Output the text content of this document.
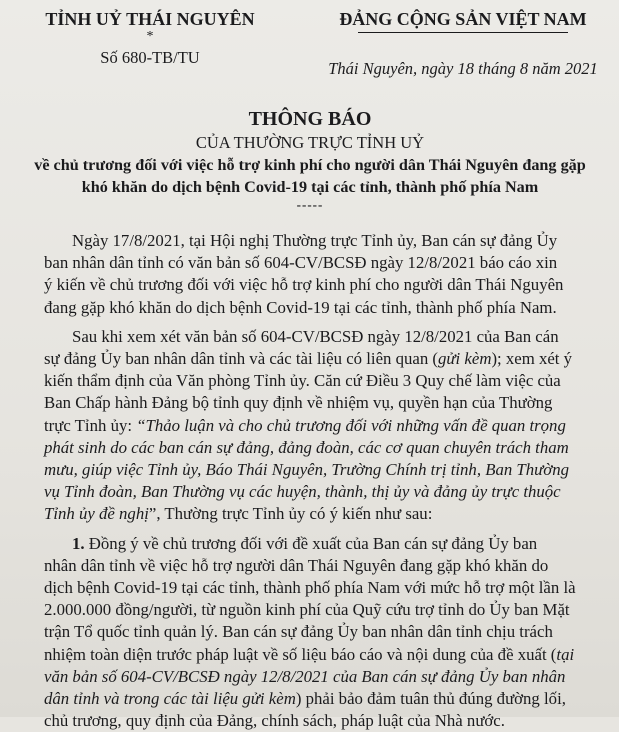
TỈNH UỶ THÁI NGUYÊN
*
Số 680-TB/TU
ĐẢNG CỘNG SẢN VIỆT NAM
Thái Nguyên, ngày 18 tháng 8 năm 2021
THÔNG BÁO
CỦA THƯỜNG TRỰC TỈNH UỶ
về chủ trương đối với việc hỗ trợ kinh phí cho người dân Thái Nguyên đang gặp
khó khăn do dịch bệnh Covid-19 tại các tỉnh, thành phố phía Nam
-----

Ngày 17/8/2021, tại Hội nghị Thường trực Tỉnh ủy, Ban cán sự đảng Ủy
ban nhân dân tỉnh có văn bản số 604-CV/BCSĐ ngày 12/8/2021 báo cáo xin
ý kiến về chủ trương đối với việc hỗ trợ kinh phí cho người dân Thái Nguyên
đang gặp khó khăn do dịch bệnh Covid-19 tại các tỉnh, thành phố phía Nam.

Sau khi xem xét văn bản số 604-CV/BCSĐ ngày 12/8/2021 của Ban cán
sự đảng Ủy ban nhân dân tỉnh và các tài liệu có liên quan (gửi kèm); xem xét ý
kiến thẩm định của Văn phòng Tỉnh ủy. Căn cứ Điều 3 Quy chế làm việc của
Ban Chấp hành Đảng bộ tỉnh quy định về nhiệm vụ, quyền hạn của Thường
trực Tỉnh ủy: “Thảo luận và cho chủ trương đối với những vấn đề quan trọng
phát sinh do các ban cán sự đảng, đảng đoàn, các cơ quan chuyên trách tham
mưu, giúp việc Tỉnh ủy, Báo Thái Nguyên, Trường Chính trị tỉnh, Ban Thường
vụ Tỉnh đoàn, Ban Thường vụ các huyện, thành, thị ủy và đảng ủy trực thuộc
Tỉnh ủy đề nghị”, Thường trực Tỉnh ủy có ý kiến như sau:

1. Đồng ý về chủ trương đối với đề xuất của Ban cán sự đảng Ủy ban
nhân dân tỉnh về việc hỗ trợ người dân Thái Nguyên đang gặp khó khăn do
dịch bệnh Covid-19 tại các tỉnh, thành phố phía Nam với mức hỗ trợ một lần là
2.000.000 đồng/người, từ nguồn kinh phí của Quỹ cứu trợ tỉnh do Ủy ban Mặt
trận Tổ quốc tỉnh quản lý. Ban cán sự đảng Ủy ban nhân dân tỉnh chịu trách
nhiệm toàn diện trước pháp luật về số liệu báo cáo và nội dung của đề xuất (tại
văn bản số 604-CV/BCSĐ ngày 12/8/2021 của Ban cán sự đảng Ủy ban nhân
dân tỉnh và trong các tài liệu gửi kèm) phải bảo đảm tuân thủ đúng đường lối,
chủ trương, quy định của Đảng, chính sách, pháp luật của Nhà nước.
